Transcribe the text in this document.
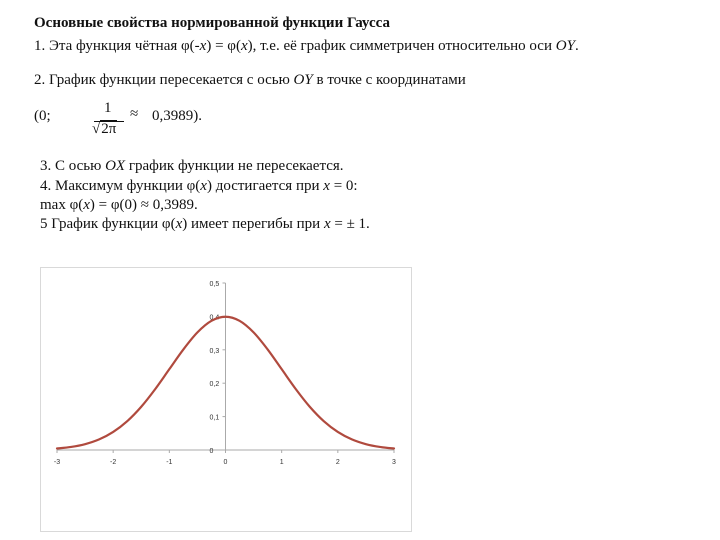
Основные свойства нормированной функции Гаусса
1. Эта функция чётная φ(-x) = φ(x), т.е. её график симметричен относительно оси OY.
2. График функции пересекается с осью OY в точке с координатами
(0;	1
√2π
≈ 0,3989).
3. С осью OX график функции не пересекается.
4. Максимум функции φ(x) достигается при x = 0:
max φ(x) = φ(0) ≈ 0,3989.
5 График функции φ(x) имеет перегибы при x = ± 1.
-3	-2	-1	0	1	2	3
0
0,1
0,2
0,3
0,4
0,5
